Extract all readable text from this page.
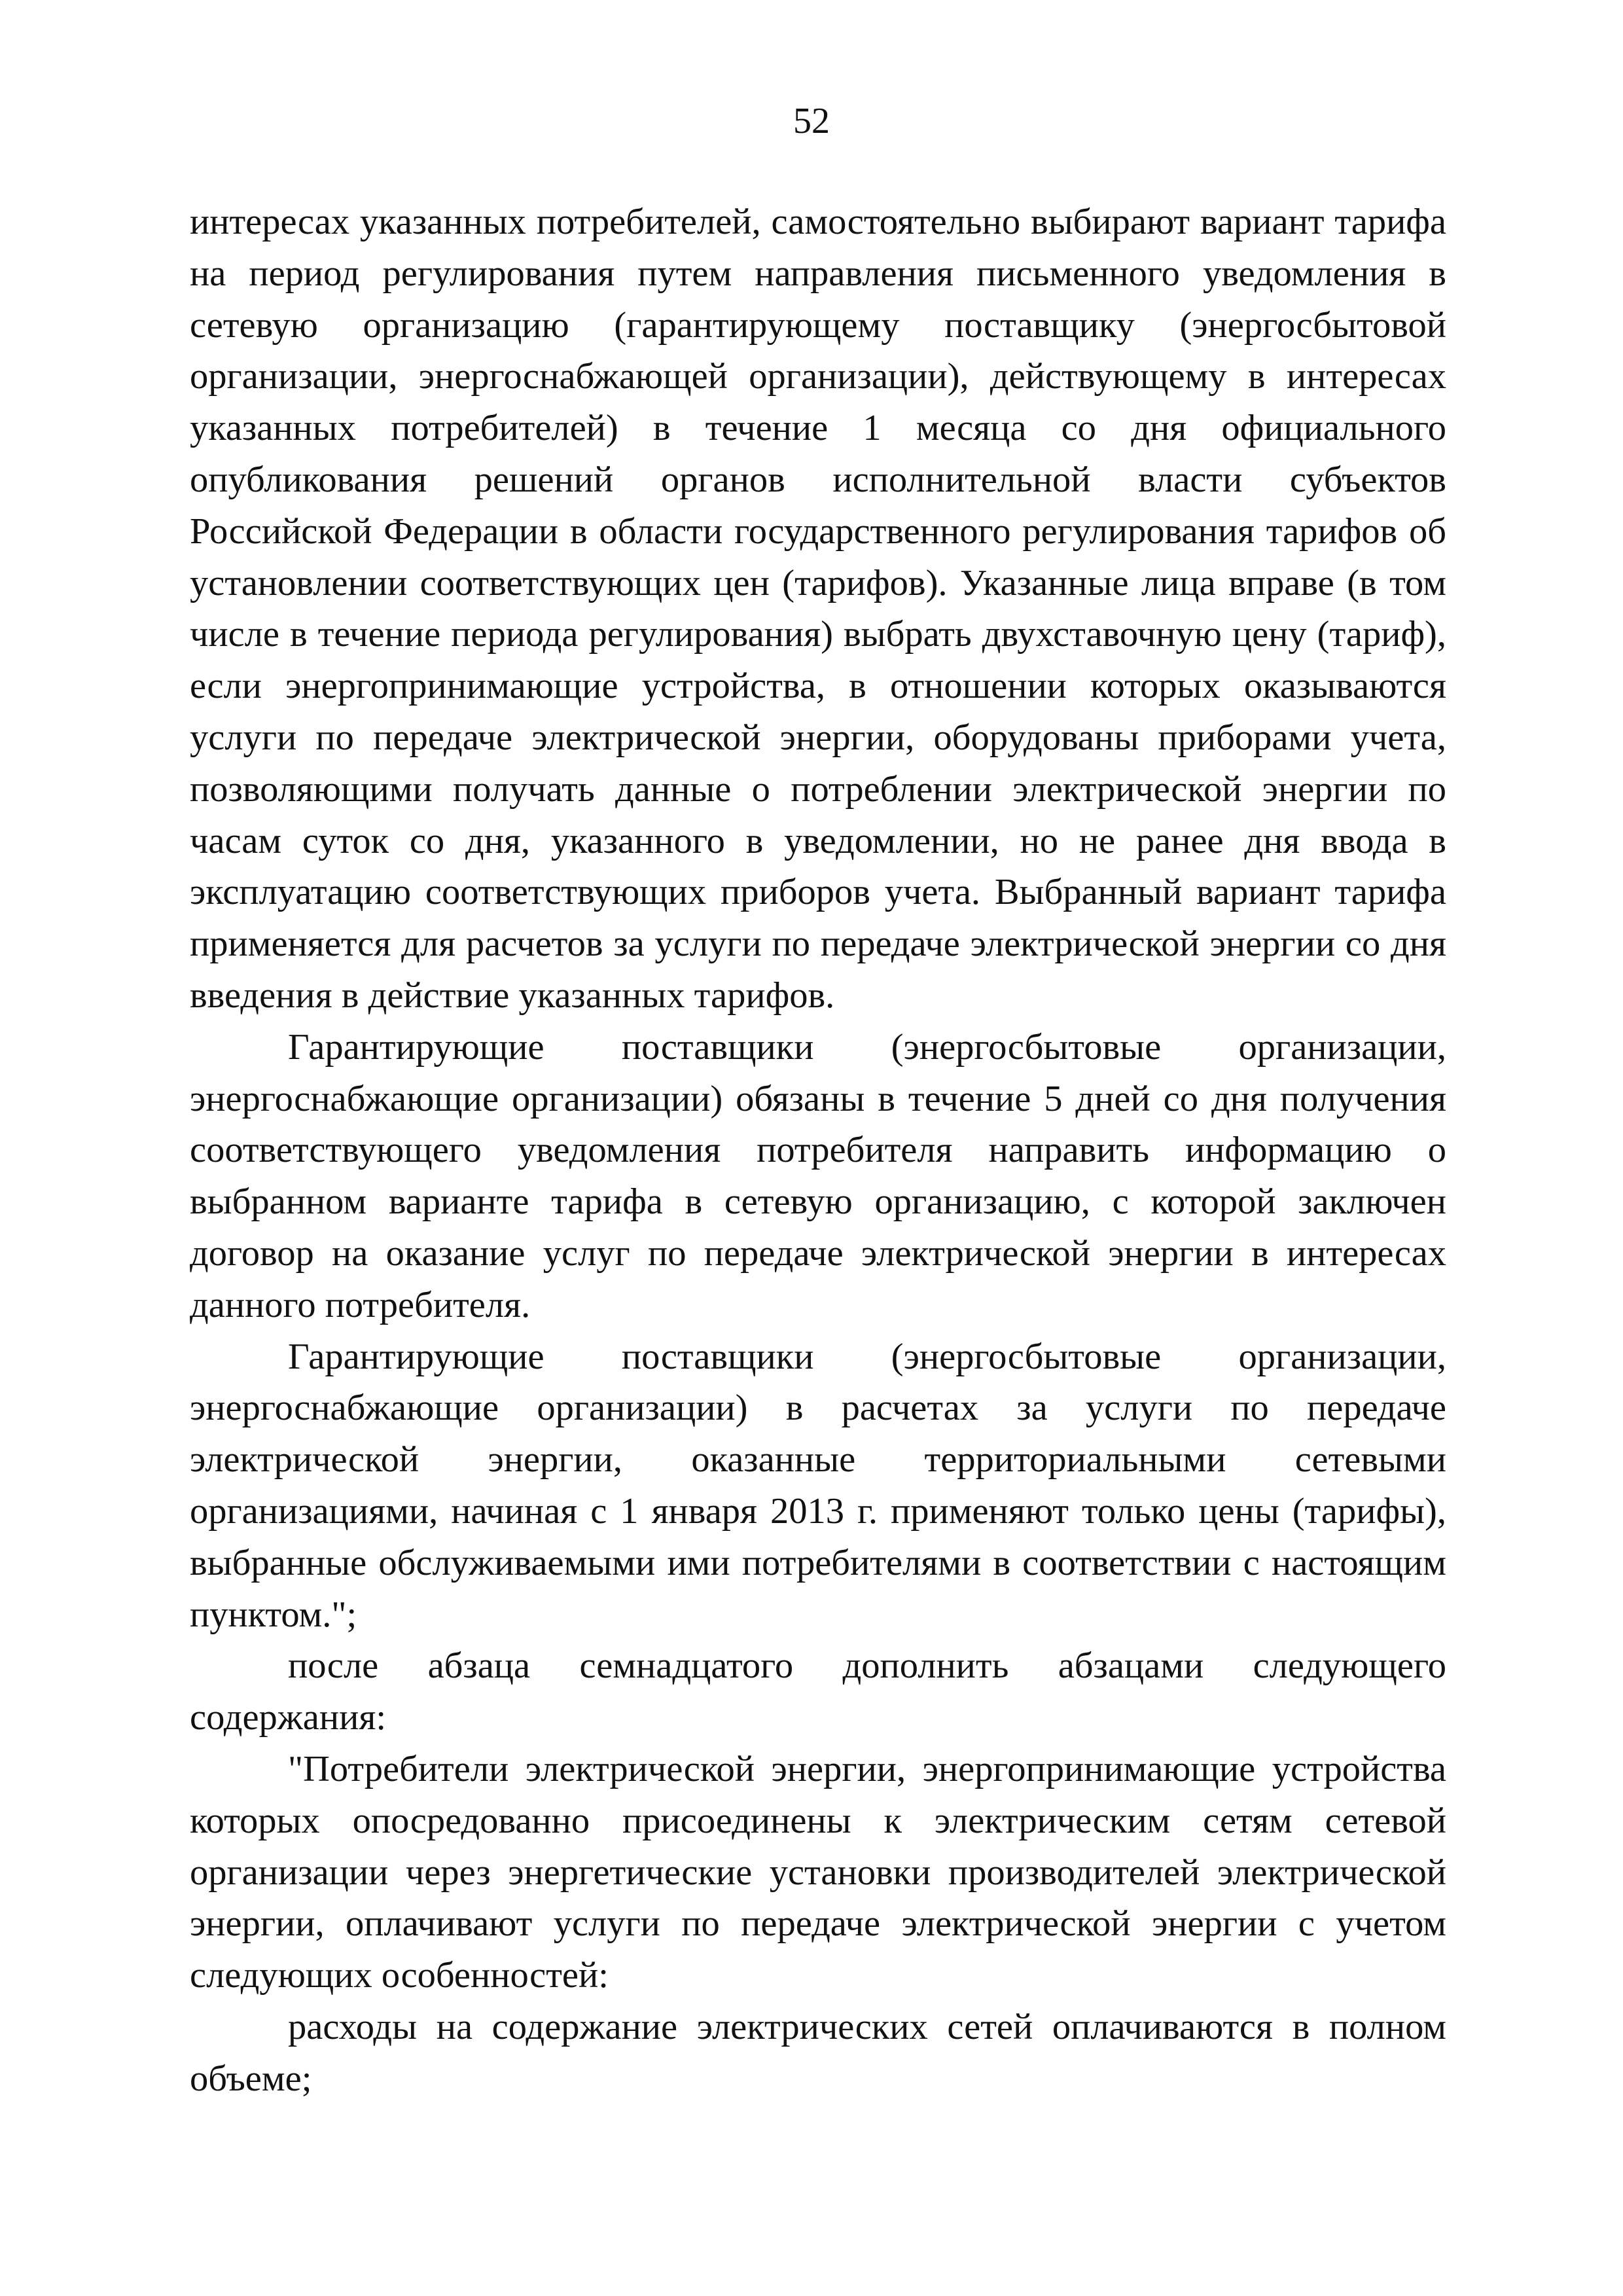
52

интересах указанных потребителей, самостоятельно выбирают вариант тарифа на период регулирования путем направления письменного уведомления в сетевую организацию (гарантирующему поставщику (энергосбытовой организации, энергоснабжающей организации), действующему в интересах указанных потребителей) в течение 1 месяца со дня официального опубликования решений органов исполнительной власти субъектов Российской Федерации в области государственного регулирования тарифов об установлении соответствующих цен (тарифов). Указанные лица вправе (в том числе в течение периода регулирования) выбрать двухставочную цену (тариф), если энергопринимающие устройства, в отношении которых оказываются услуги по передаче электрической энергии, оборудованы приборами учета, позволяющими получать данные о потреблении электрической энергии по часам суток со дня, указанного в уведомлении, но не ранее дня ввода в эксплуатацию соответствующих приборов учета. Выбранный вариант тарифа применяется для расчетов за услуги по передаче электрической энергии со дня введения в действие указанных тарифов.

Гарантирующие поставщики (энергосбытовые организации, энергоснабжающие организации) обязаны в течение 5 дней со дня получения соответствующего уведомления потребителя направить информацию о выбранном варианте тарифа в сетевую организацию, с которой заключен договор на оказание услуг по передаче электрической энергии в интересах данного потребителя.

Гарантирующие поставщики (энергосбытовые организации, энергоснабжающие организации) в расчетах за услуги по передаче электрической энергии, оказанные территориальными сетевыми организациями, начиная с 1 января 2013 г. применяют только цены (тарифы), выбранные обслуживаемыми ими потребителями в соответствии с настоящим пунктом.";

после абзаца семнадцатого дополнить абзацами следующего содержания:

"Потребители электрической энергии, энергопринимающие устройства которых опосредованно присоединены к электрическим сетям сетевой организации через энергетические установки производителей электрической энергии, оплачивают услуги по передаче электрической энергии с учетом следующих особенностей:

расходы на содержание электрических сетей оплачиваются в полном объеме;
